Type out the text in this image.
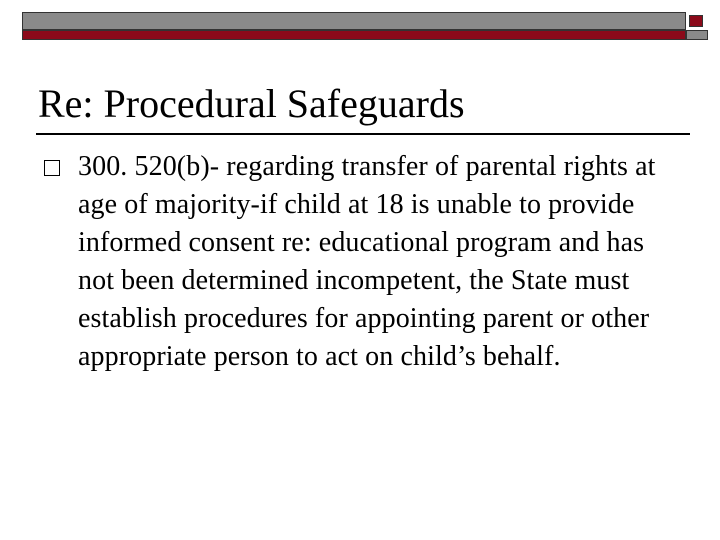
Re: Procedural Safeguards
300. 520(b)- regarding transfer of parental rights at age of majority-if child at 18 is unable to provide informed consent re: educational program and has not been determined incompetent, the State must establish procedures for appointing parent or other appropriate person to act on child’s behalf.
